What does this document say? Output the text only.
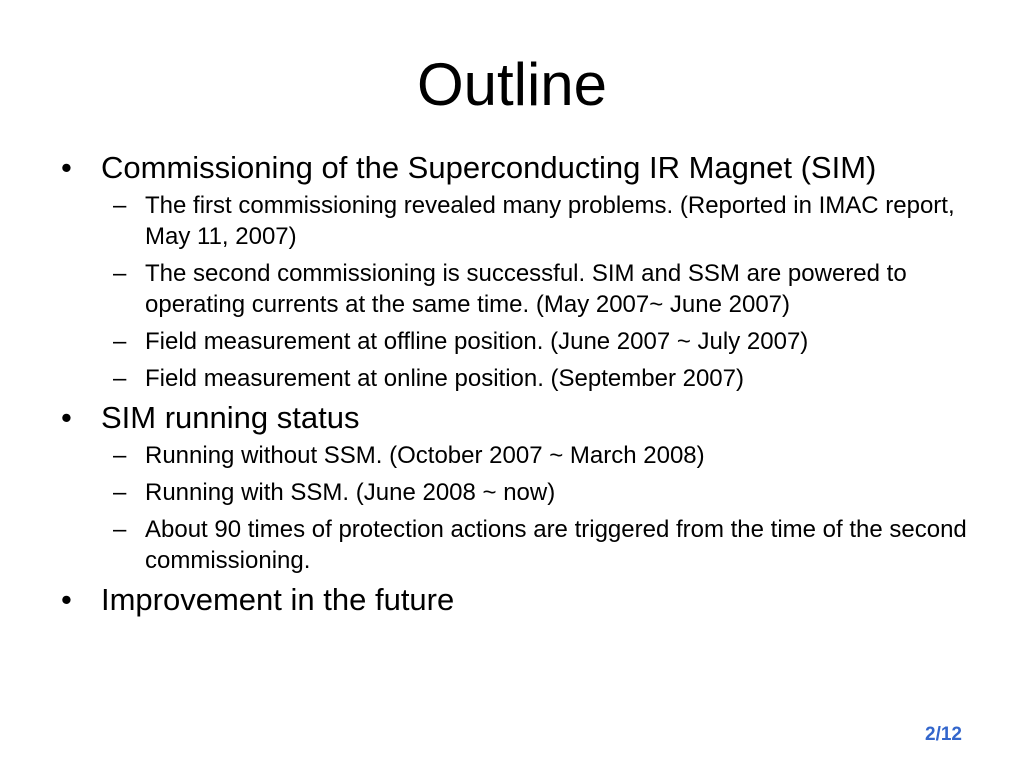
Outline
• Commissioning of the Superconducting IR Magnet (SIM)
– The first commissioning revealed many problems. (Reported in IMAC report, May 11, 2007)
– The second commissioning is successful. SIM and SSM are powered to operating currents at the same time. (May 2007~ June 2007)
– Field measurement at offline position. (June 2007 ~ July 2007)
– Field measurement at online position. (September 2007)
• SIM running status
– Running without SSM. (October 2007 ~ March 2008)
– Running with SSM. (June 2008 ~ now)
– About 90 times of protection actions are triggered from the time of the second commissioning.
• Improvement in the future
2/12
